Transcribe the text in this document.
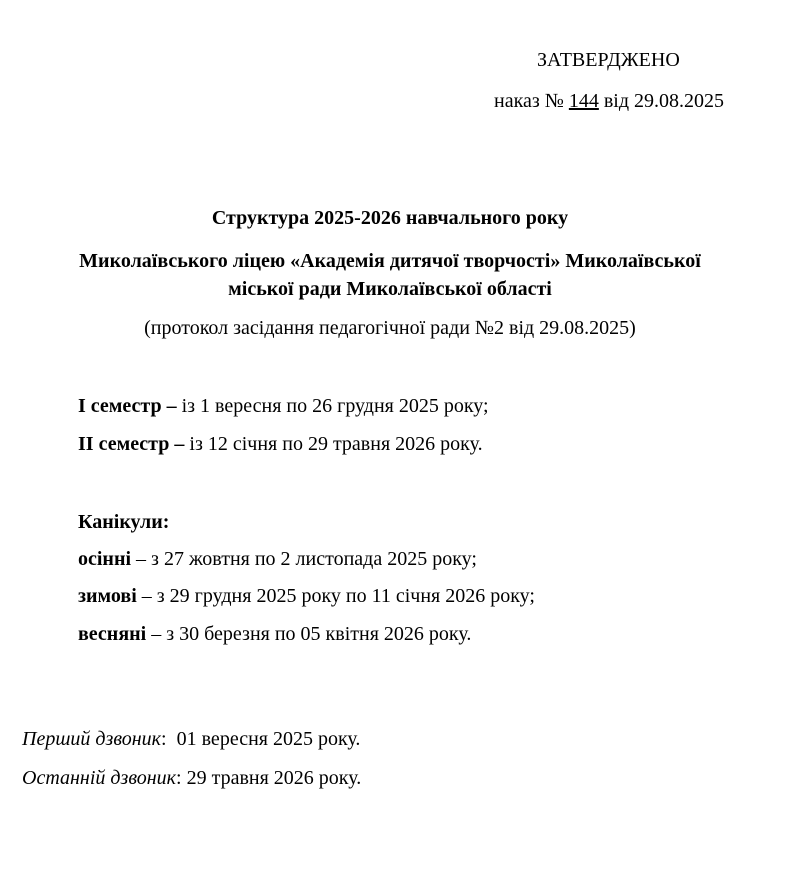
ЗАТВЕРДЖЕНО
наказ № 144 від 29.08.2025
Структура 2025-2026 навчального року
Миколаївського ліцею «Академія дитячої творчості» Миколаївської
міської ради Миколаївської області
(протокол засідання педагогічної ради №2 від 29.08.2025)
І семестр – із 1 вересня по 26 грудня 2025 року;
ІІ семестр – із 12 січня по 29 травня 2026 року.
Канікули:
осінні – з 27 жовтня по 2 листопада 2025 року;
зимові – з 29 грудня 2025 року по 11 січня 2026 року;
весняні – з 30 березня по 05 квітня 2026 року.
Перший дзвоник: 01 вересня 2025 року.
Останній дзвоник: 29 травня 2026 року.
